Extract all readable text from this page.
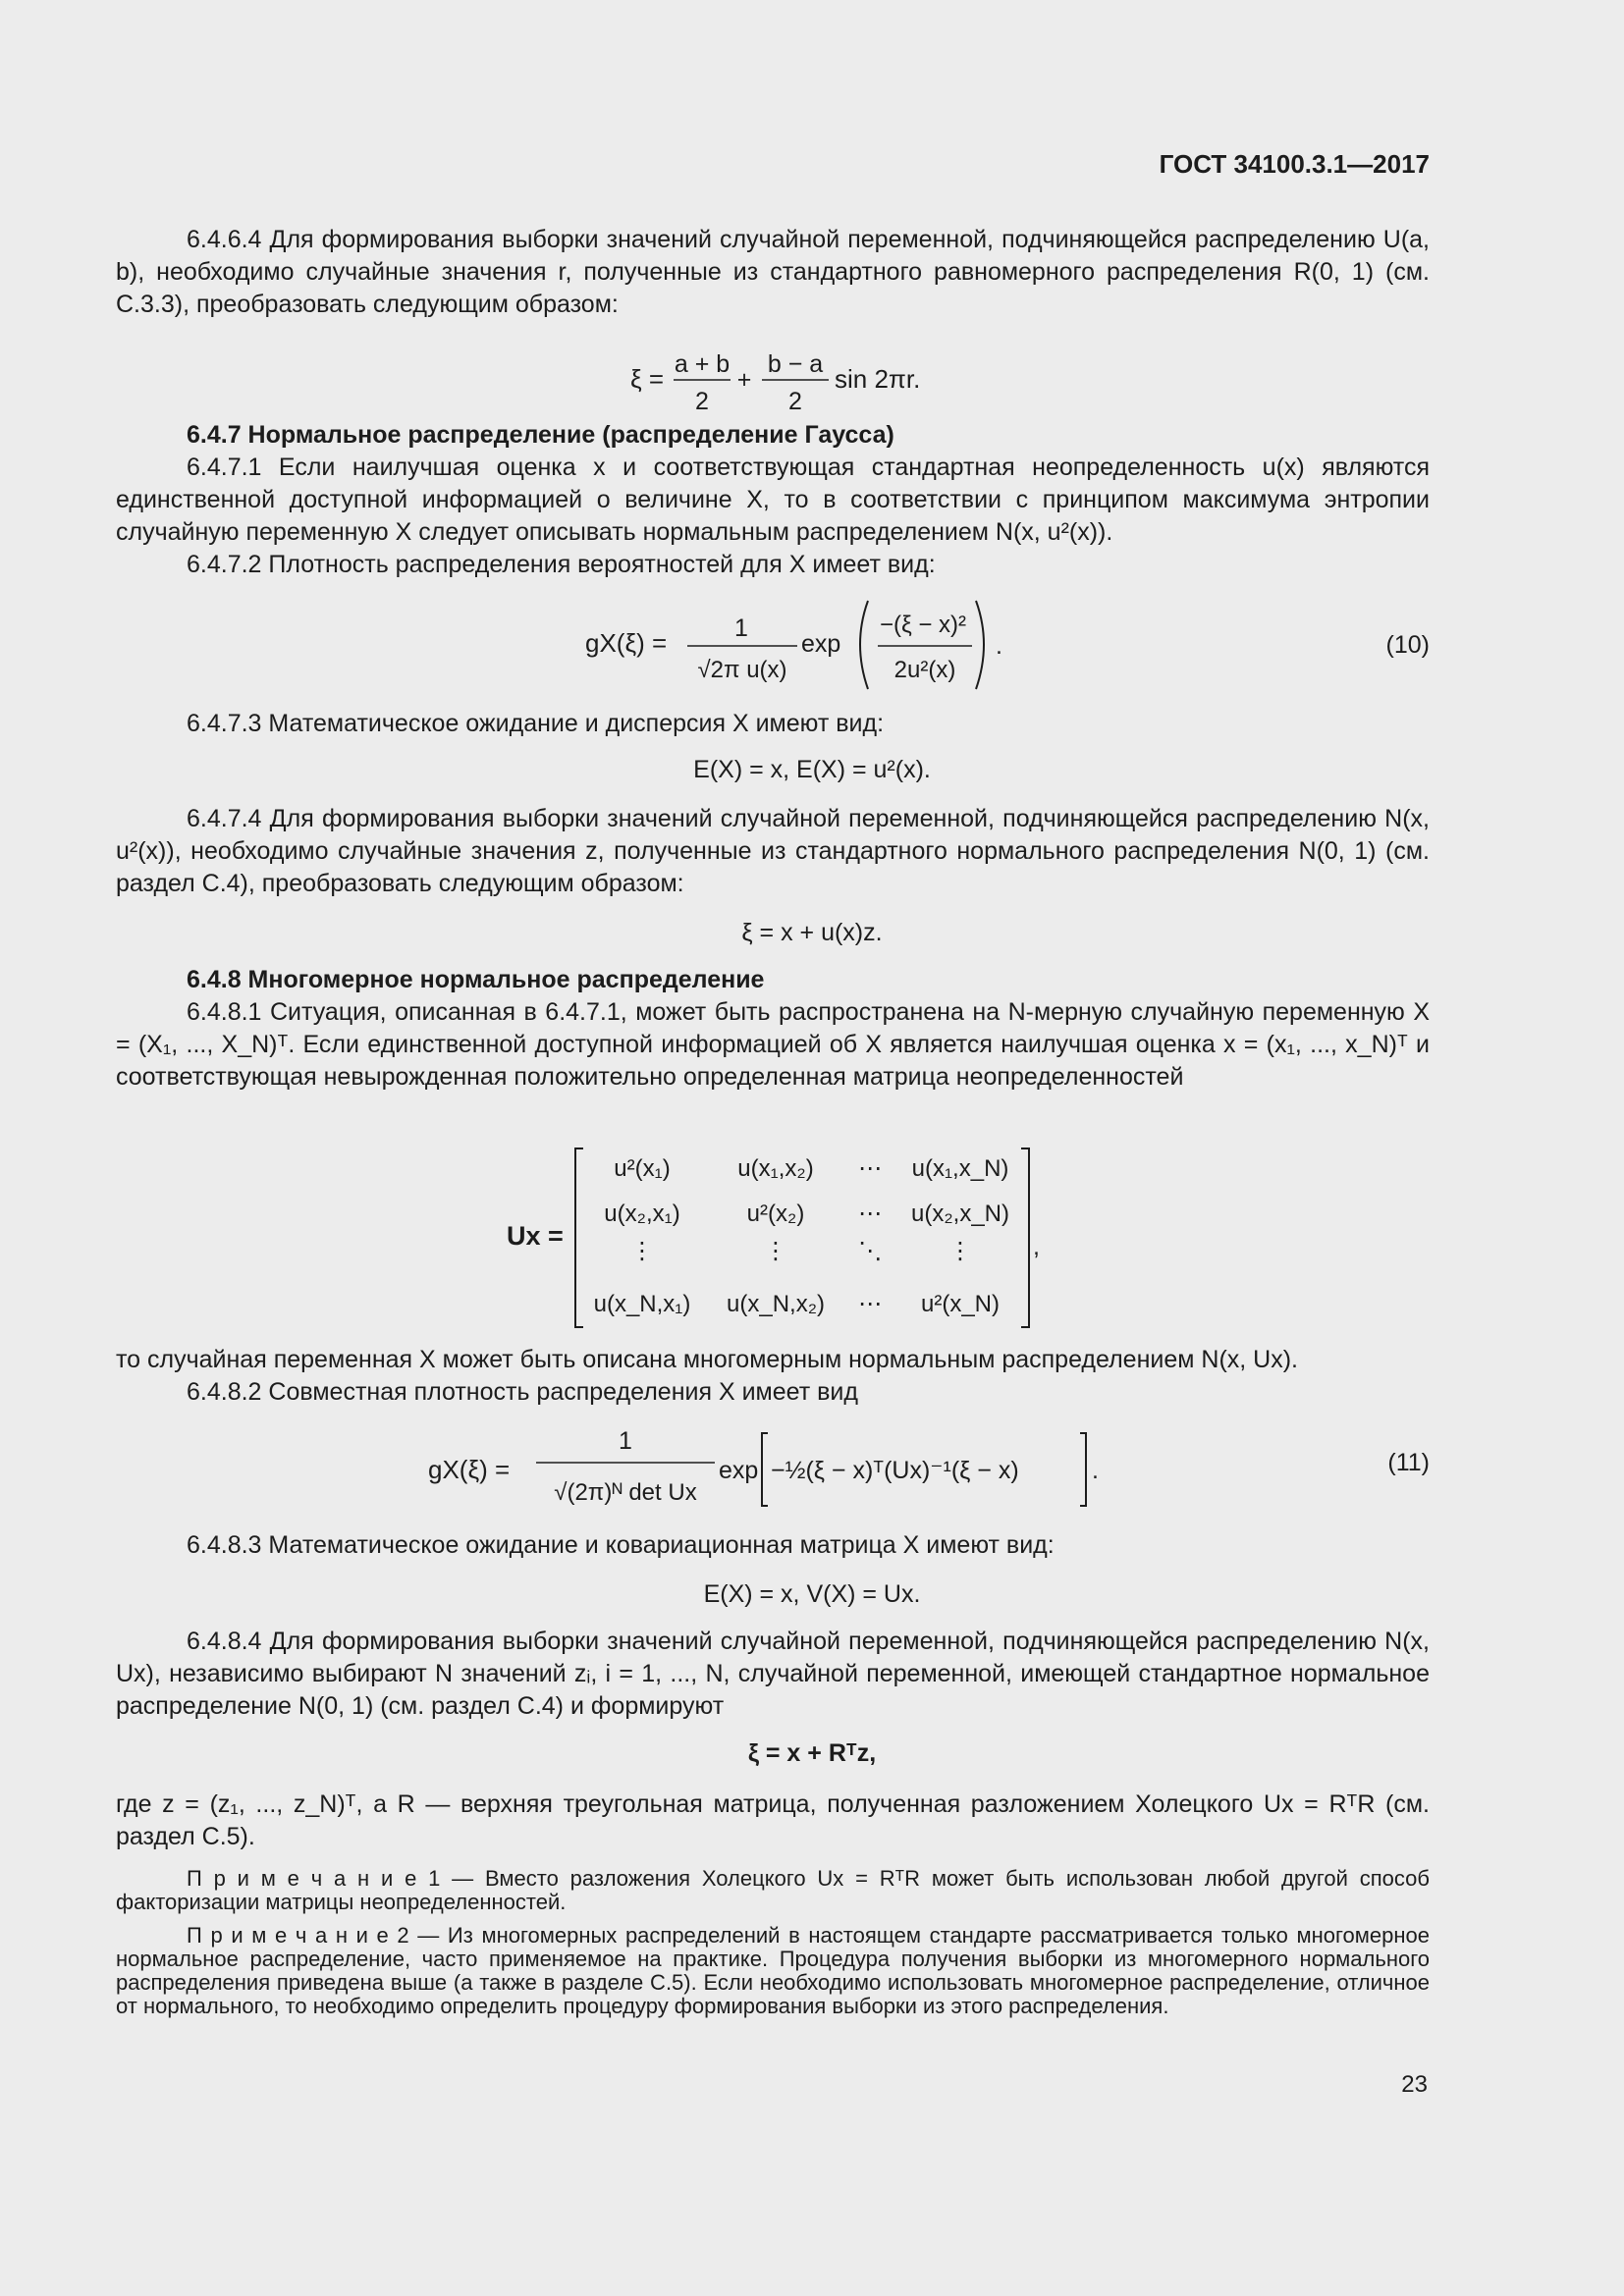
ГОСТ 34100.3.1—2017

6.4.6.4 Для формирования выборки значений случайной переменной, подчиняющейся распределению U(a, b), необходимо случайные значения r, полученные из стандартного равномерного распределения R(0, 1) (см. С.3.3), преобразовать следующим образом:

ξ = a + b
2
+
b − a
2
sin 2πr.
6.4.7 Нормальное распределение (распределение Гаусса)

6.4.7.1 Если наилучшая оценка x и соответствующая стандартная неопределенность u(x) являются единственной доступной информацией о величине X, то в соответствии с принципом максимума энтропии случайную переменную X следует описывать нормальным распределением N(x, u²(x)).

6.4.7.2 Плотность распределения вероятностей для X имеет вид:

gX(ξ) =	1
√2π u(x)
exp
−(ξ − x)²
2u²(x)
.	(10)

6.4.7.3 Математическое ожидание и дисперсия X имеют вид:

E(X) = x, E(X) = u²(x).

6.4.7.4 Для формирования выборки значений случайной переменной, подчиняющейся распределению N(x, u²(x)), необходимо случайные значения z, полученные из стандартного нормального распределения N(0, 1) (см. раздел С.4), преобразовать следующим образом:

ξ = x + u(x)z.
6.4.8 Многомерное нормальное распределение

6.4.8.1 Ситуация, описанная в 6.4.7.1, может быть распространена на N-мерную случайную переменную X = (X₁, ..., X_N)ᵀ. Если единственной доступной информацией об X является наилучшая оценка x = (x₁, ..., x_N)ᵀ и соответствующая невырожденная положительно определенная матрица неопределенностей

Ux =
u²(x₁)	u(x₁,x₂) ⋯ u(x₁,x_N)
u(x₂,x₁)	u²(x₂) ⋯ u(x₂,x_N)
⋮	⋮	⋱	⋮
u(x_N,x₁) u(x_N,x₂) ⋯ u²(x_N)
,

то случайная переменная X может быть описана многомерным нормальным распределением N(x, Ux).

6.4.8.2 Совместная плотность распределения X имеет вид

gX(ξ) =
1
√(2π)ᴺ det Ux
exp −½(ξ − x)ᵀ(Ux)⁻¹(ξ − x)	.	(11)

6.4.8.3 Математическое ожидание и ковариационная матрица X имеют вид:

E(X) = x, V(X) = Ux.

6.4.8.4 Для формирования выборки значений случайной переменной, подчиняющейся распределению N(x, Ux), независимо выбирают N значений zᵢ, i = 1, ..., N, случайной переменной, имеющей стандартное нормальное распределение N(0, 1) (см. раздел С.4) и формируют

ξ = x + Rᵀz,

где z = (z₁, ..., z_N)ᵀ, а R — верхняя треугольная матрица, полученная разложением Холецкого Ux = RᵀR (см. раздел С.5).

П р и м е ч а н и е 1 — Вместо разложения Холецкого Ux = RᵀR может быть использован любой другой способ факторизации матрицы неопределенностей.

П р и м е ч а н и е 2 — Из многомерных распределений в настоящем стандарте рассматривается только многомерное нормальное распределение, часто применяемое на практике. Процедура получения выборки из многомерного нормального распределения приведена выше (а также в разделе С.5). Если необходимо использовать многомерное распределение, отличное от нормального, то необходимо определить процедуру формирования выборки из этого распределения.

23
